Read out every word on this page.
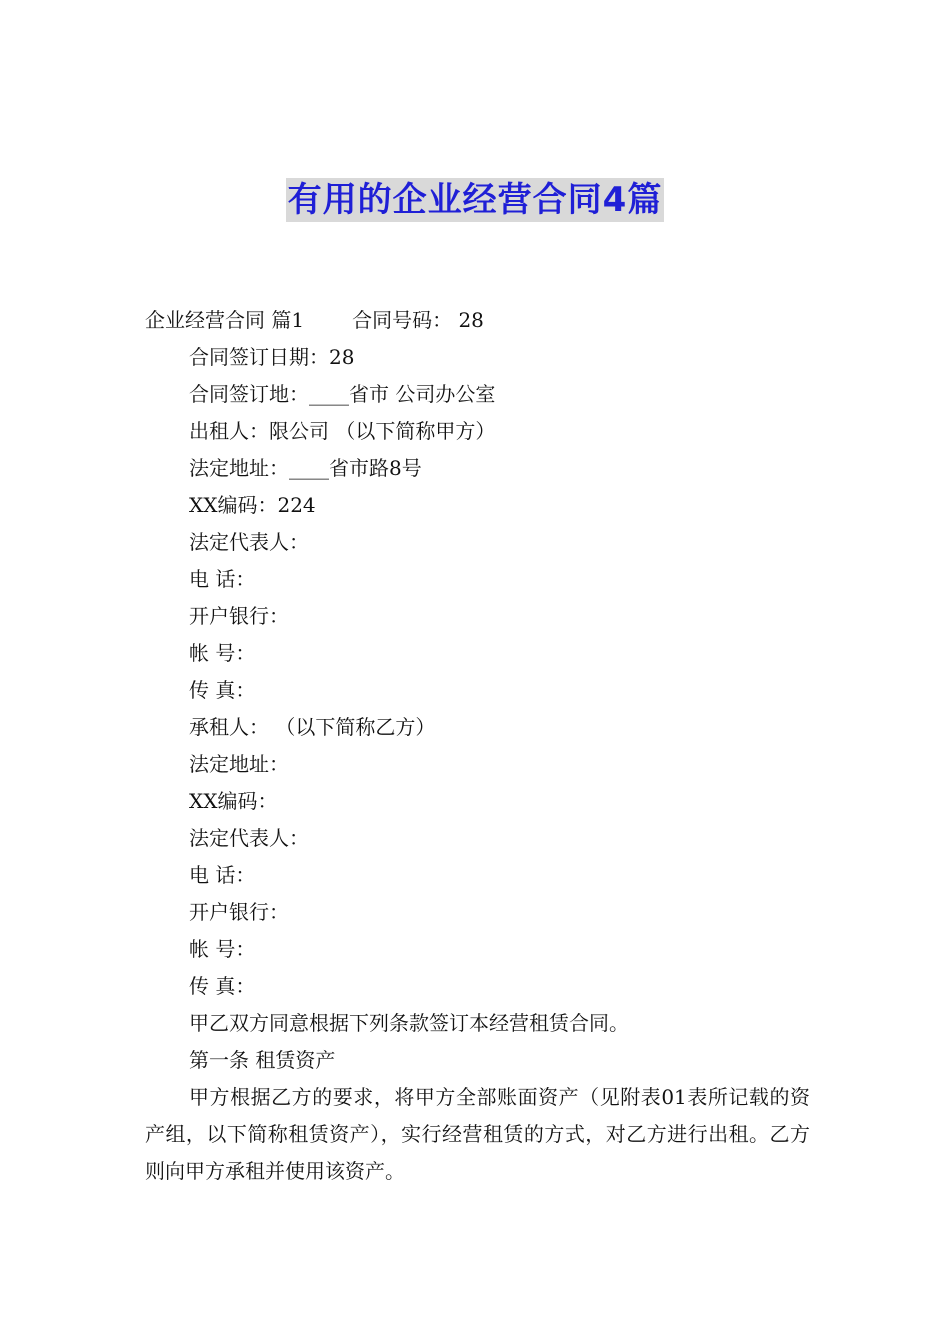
有用的企业经营合同4篇
企业经营合同 篇1 合同号码： 28
合同签订日期：28
合同签订地：____省市 公司办公室
出租人：限公司 （以下简称甲方）
法定地址：____省市路8号
XX编码：224
法定代表人：
电 话：
开户银行：
帐 号：
传 真：
承租人： （以下简称乙方）
法定地址：
XX编码：
法定代表人：
电 话：
开户银行：
帐 号：
传 真：
甲乙双方同意根据下列条款签订本经营租赁合同。
第一条 租赁资产
甲方根据乙方的要求，将甲方全部账面资产（见附表01表所记载的资产组，以下简称租赁资产），实行经营租赁的方式，对乙方进行出租。乙方则向甲方承租并使用该资产。
